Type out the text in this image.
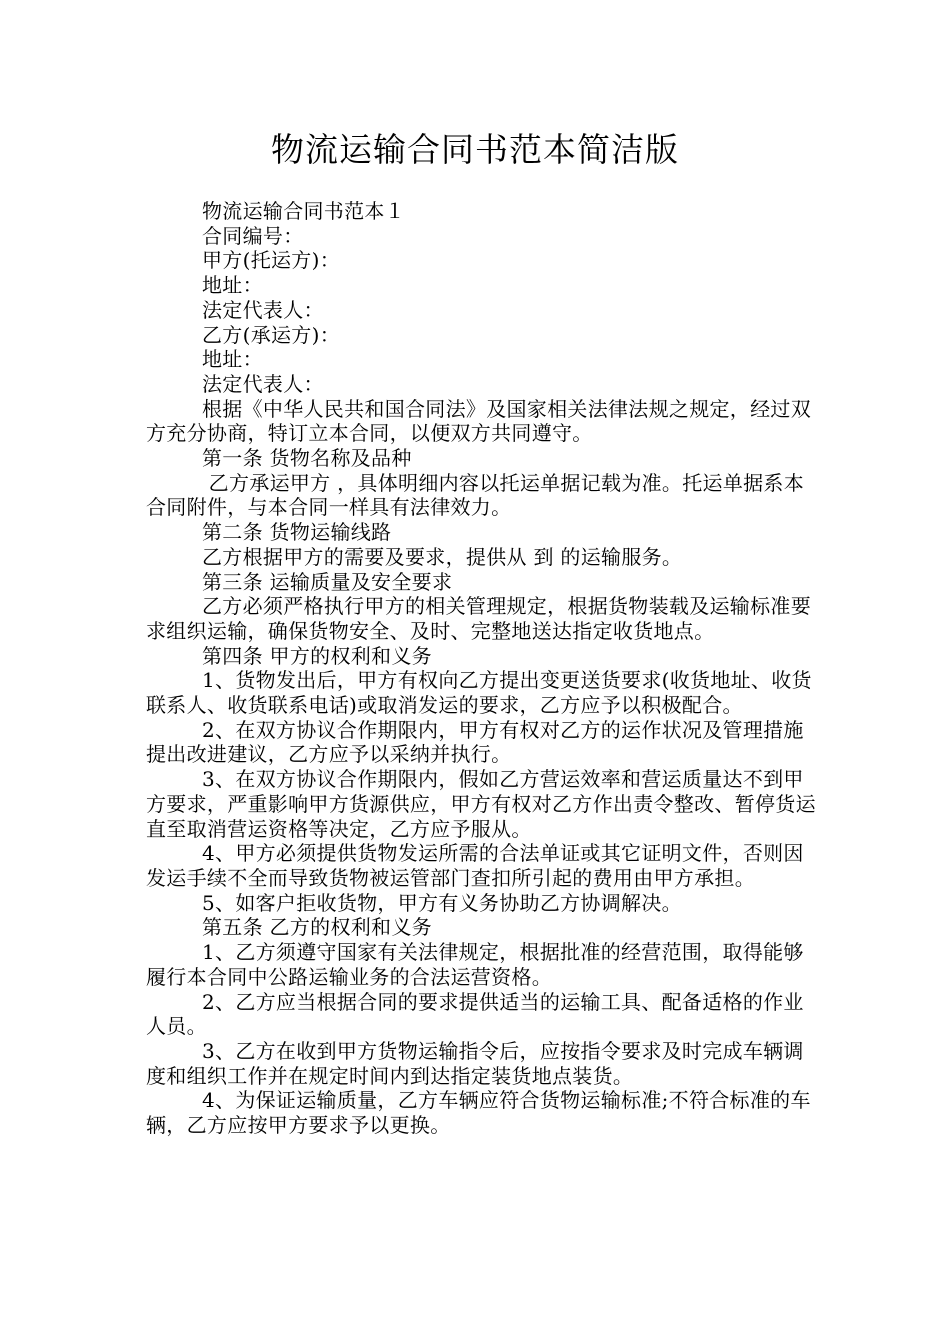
物流运输合同书范本简洁版

物流运输合同书范本１

合同编号：

甲方(托运方)：

地址：

法定代表人：

乙方(承运方)：

地址：

法定代表人：

根据《中华人民共和国合同法》及国家相关法律法规之规定，经过双方充分协商，特订立本合同，以便双方共同遵守。

第一条 货物名称及品种

乙方承运甲方 ，具体明细内容以托运单据记载为准。托运单据系本合同附件，与本合同一样具有法律效力。

第二条 货物运输线路

乙方根据甲方的需要及要求，提供从 到 的运输服务。

第三条 运输质量及安全要求

乙方必须严格执行甲方的相关管理规定，根据货物装载及运输标准要求组织运输，确保货物安全、及时、完整地送达指定收货地点。

第四条 甲方的权利和义务

1、货物发出后，甲方有权向乙方提出变更送货要求(收货地址、收货联系人、收货联系电话)或取消发运的要求，乙方应予以积极配合。

2、在双方协议合作期限内，甲方有权对乙方的运作状况及管理措施提出改进建议，乙方应予以采纳并执行。

3、在双方协议合作期限内，假如乙方营运效率和营运质量达不到甲方要求，严重影响甲方货源供应，甲方有权对乙方作出责令整改、暂停货运直至取消营运资格等决定，乙方应予服从。

4、甲方必须提供货物发运所需的合法单证或其它证明文件，否则因发运手续不全而导致货物被运管部门查扣所引起的费用由甲方承担。

5、如客户拒收货物，甲方有义务协助乙方协调解决。

第五条 乙方的权利和义务

1、乙方须遵守国家有关法律规定，根据批准的经营范围，取得能够履行本合同中公路运输业务的合法运营资格。

2、乙方应当根据合同的要求提供适当的运输工具、配备适格的作业人员。

3、乙方在收到甲方货物运输指令后，应按指令要求及时完成车辆调度和组织工作并在规定时间内到达指定装货地点装货。

4、为保证运输质量，乙方车辆应符合货物运输标准;不符合标准的车辆，乙方应按甲方要求予以更换。
